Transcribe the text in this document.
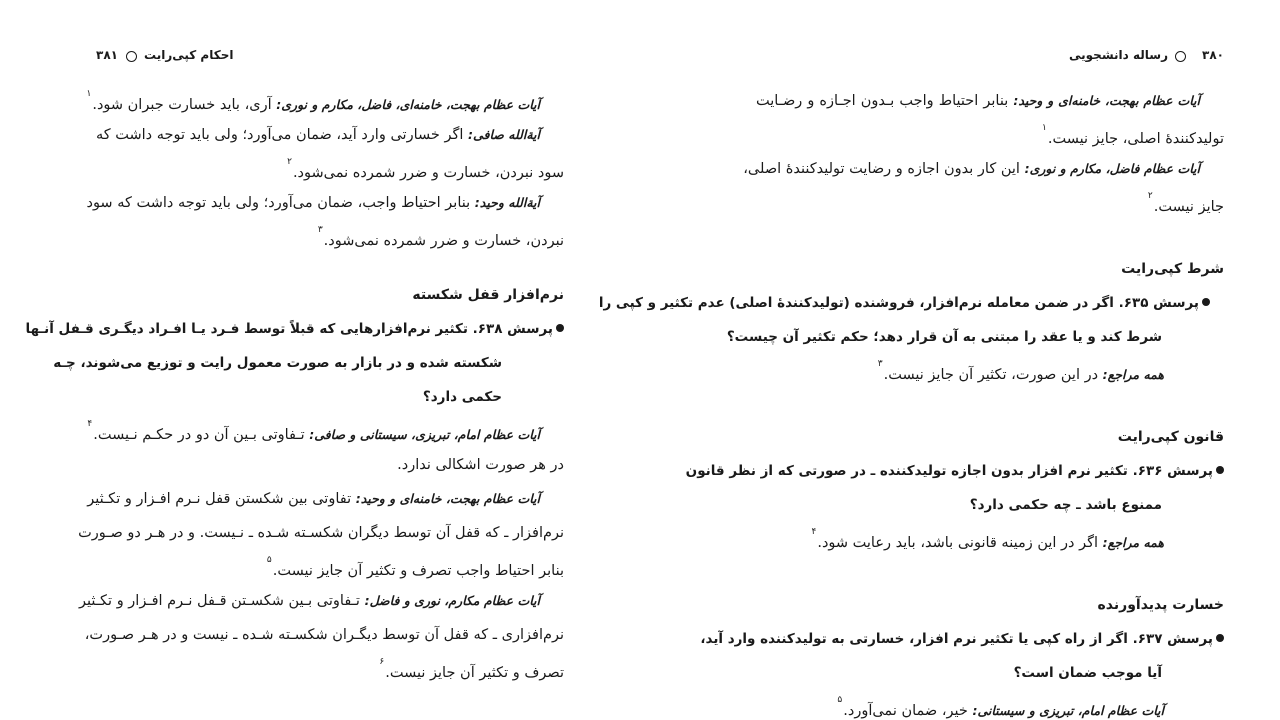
۳۸۰
رساله دانشجویی
آیات عظام بهجت، خامنه‌ای و وحید: بنابر احتیاط واجب بـدون اجـازه و رضـایت
تولیدکنندهٔ اصلی، جایز نیست.$^۱$
آیات عظام فاضل، مکارم و نوری: این کار بدون اجازه و رضایت تولیدکنندهٔ اصلی،
جایز نیست.$^۲$
شرط کپی‌رایت
پرسش ۶۳۵. اگر در ضمن معامله نرم‌افزار، فروشنده (تولیدکنندهٔ اصلی) عدم تکثیر و کپی را
شرط کند و یا عقد را مبتنی به آن قرار دهد؛ حکم تکثیر آن چیست؟
همه مراجع: در این صورت، تکثیر آن جایز نیست.$^۳$
قانون کپی‌رایت
پرسش ۶۳۶. تکثیر نرم افزار بدون اجازه تولیدکننده ـ در صورتی که از نظر قانون
ممنوع باشد ـ چه حکمی دارد؟
همه مراجع: اگر در این زمینه قانونی باشد، باید رعایت شود.$^۴$
خسارت پدیدآورنده
پرسش ۶۳۷. اگر از راه کپی یا تکثیر نرم افزار، خسارتی به تولیدکننده وارد آید،
آیا موجب ضمان است؟
آیات عظام امام، تبریزی و سیستانی: خیر، ضمان نمی‌آورد.$^۵$
۳۸۱ احکام کپی‌رایت
آیات عظام بهجت، خامنه‌ای، فاضل، مکارم و نوری: آری، باید خسارت جبران شود.$^۱$
آیة‌الله صافی: اگر خسارتی وارد آید، ضمان می‌آورد؛ ولی باید توجه داشت که
سود نبردن، خسارت و ضرر شمرده نمی‌شود.$^۲$
آیة‌الله وحید: بنابر احتیاط واجب، ضمان می‌آورد؛ ولی باید توجه داشت که سود
نبردن، خسارت و ضرر شمرده نمی‌شود.$^۳$
نرم‌افزار قفل شکسته
پرسش ۶۳۸. تکثیر نرم‌افزارهایی که قبلاً توسط فـرد یـا افـراد دیگـری قـفل آنـها
شکسته شده و در بازار به صورت معمول رایت و توزیع می‌شوند، چـه
حکمی دارد؟
آیات عظام امام، تبریزی، سیستانی و صافی: تـفاوتی بـین آن دو در حکـم نـیست.$^۴$
در هر صورت اشکالی ندارد.
آیات عظام بهجت، خامنه‌ای و وحید: تفاوتی بین شکستن قفل نـرم افـزار و تکـثیر
نرم‌افزار ـ که قفل آن توسط دیگران شکسـته شـده ـ نـیست. و در هـر دو صـورت
بنابر احتیاط واجب تصرف و تکثیر آن جایز نیست.$^۵$
آیات عظام مکارم، نوری و فاضل: تـفاوتی بـین شکسـتن قـفل نـرم افـزار و تکـثیر
نرم‌افزاری ـ که قفل آن توسط دیگـران شکسـته شـده ـ نیست و در هـر صـورت،
تصرف و تکثیر آن جایز نیست.$^۶$
